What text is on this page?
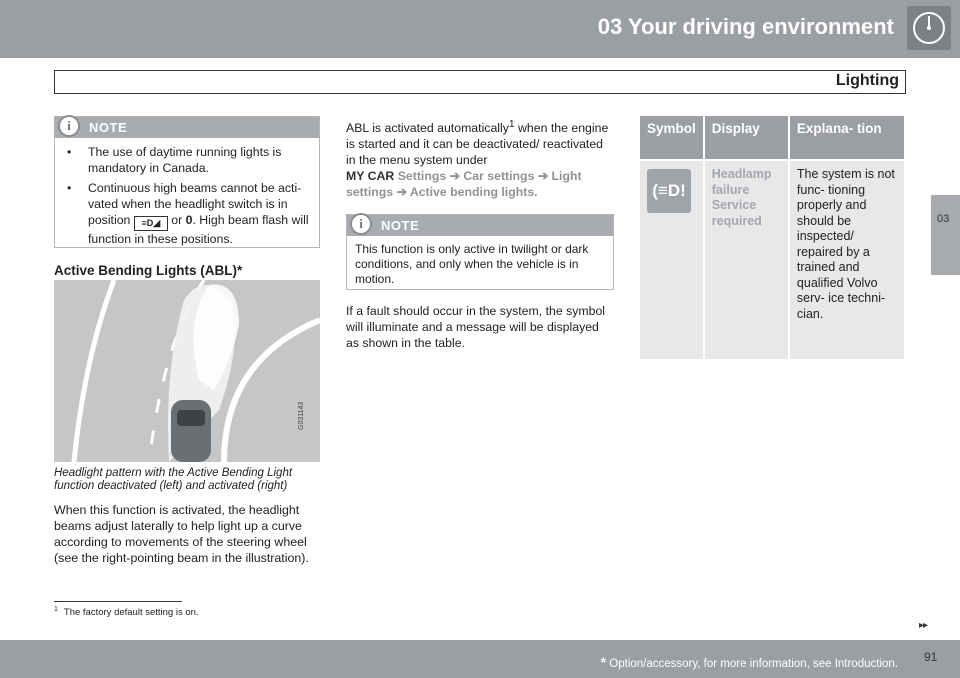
03 Your driving environment
Lighting
03
i	NOTE
• The use of daytime running lights is mandatory in Canada.
• Continuous high beams cannot be acti- vated when the headlight switch is in
position ≡D◢ or 0. High beam flash will function in these positions.
Active Bending Lights (ABL)*
G031143
Headlight pattern with the Active Bending Light function deactivated (left) and activated (right)
When this function is activated, the headlight beams adjust laterally to help light up a curve according to movements of the steering wheel (see the right-pointing beam in the illustration).
ABL is activated automatically$^1$ when the engine is started and it can be deactivated/ reactivated in the menu system under
MY CAR Settings ➔ Car settings ➔ Light settings ➔ Active bending lights.
i	NOTE
This function is only active in twilight or dark conditions, and only when the vehicle is in motion.
If a fault should occur in the system, the symbol will illuminate and a message will be displayed as shown in the table.
Symbol	Display	Explana- tion

(≡D!	Headlamp failure Service required	The system is not func- tioning properly and should be inspected/ repaired by a trained and qualified Volvo serv- ice techni- cian.
$^1$ The factory default setting is on.
▸▸
* Option/accessory, for more information, see Introduction. 91
